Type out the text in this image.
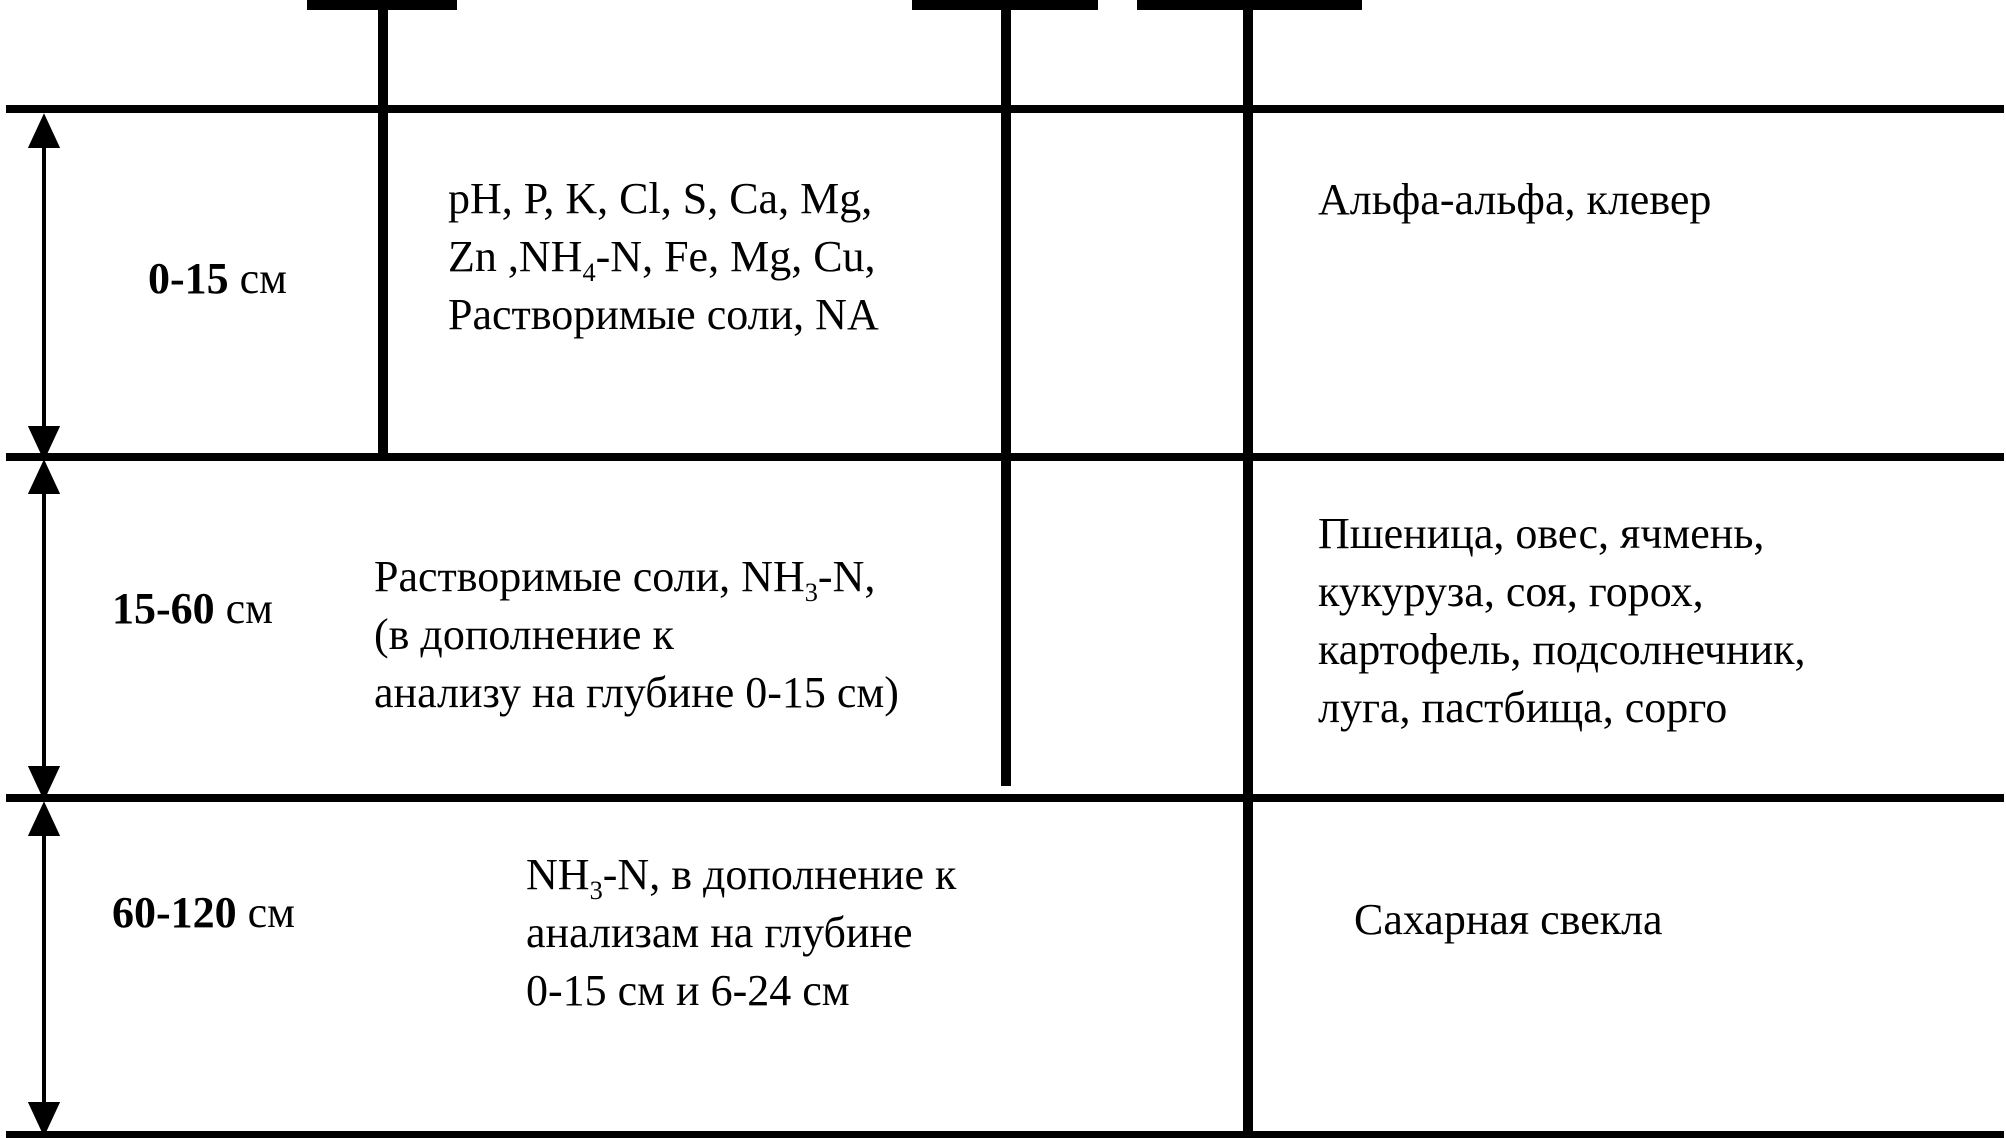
0-15 см
pH, P, K, Cl, S, Ca, Mg,
Zn $,NH_4-N$, Fe, Mg, Cu,
Растворимые соли, NA
Альфа-альфа, клевер
15-60 см
Растворимые соли, $NH_3-N$,
(в дополнение к
анализу на глубине 0-15 см)
Пшеница, овес, ячмень,
кукуруза, соя, горох,
картофель, подсолнечник,
луга, пастбища, сорго
60-120 см
$NH_3-N$, в дополнение к
анализам на глубине
0-15 см и 6-24 см
Сахарная свекла
